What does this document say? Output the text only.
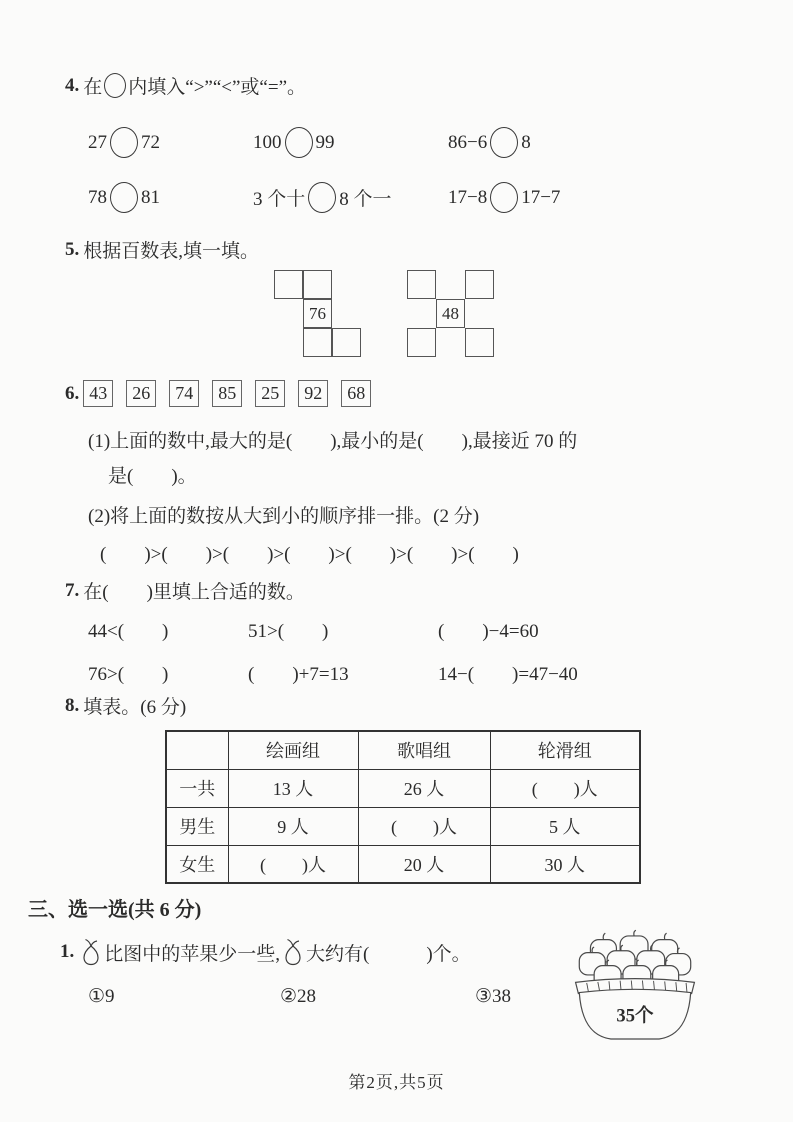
4. 在 内填入“>”“<”或“=”。
27 72	100 99	86−6 8
78 81	3 个十 8 个一	17−8 17−7
5. 根据百数表,填一填。
76	48
6. 43	26	74	85	25	92	68
(1)上面的数中,最大的是(　　),最小的是(　　),最接近 70 的
是(　　)。
(2)将上面的数按从大到小的顺序排一排。(2 分)
(　　)>(　　)>(　　)>(　　)>(　　)>(　　)>(　　)
7. 在(　　)里填上合适的数。
44<(　　)	51>(　　)	(　　)−4=60
76>(　　)	(　　)+7=13	14−(　　)=47−40
8. 填表。(6 分)
	绘画组	歌唱组	轮滑组
一共	13 人	26 人	(　　)人
男生	9 人	(　　)人	5 人
女生	(　　)人	20 人	30 人
三、选一选(共 6 分)
1. 比图中的苹果少一些, 大约有(　　　)个。
①9	②28	③38
35个
第2页,共5页
